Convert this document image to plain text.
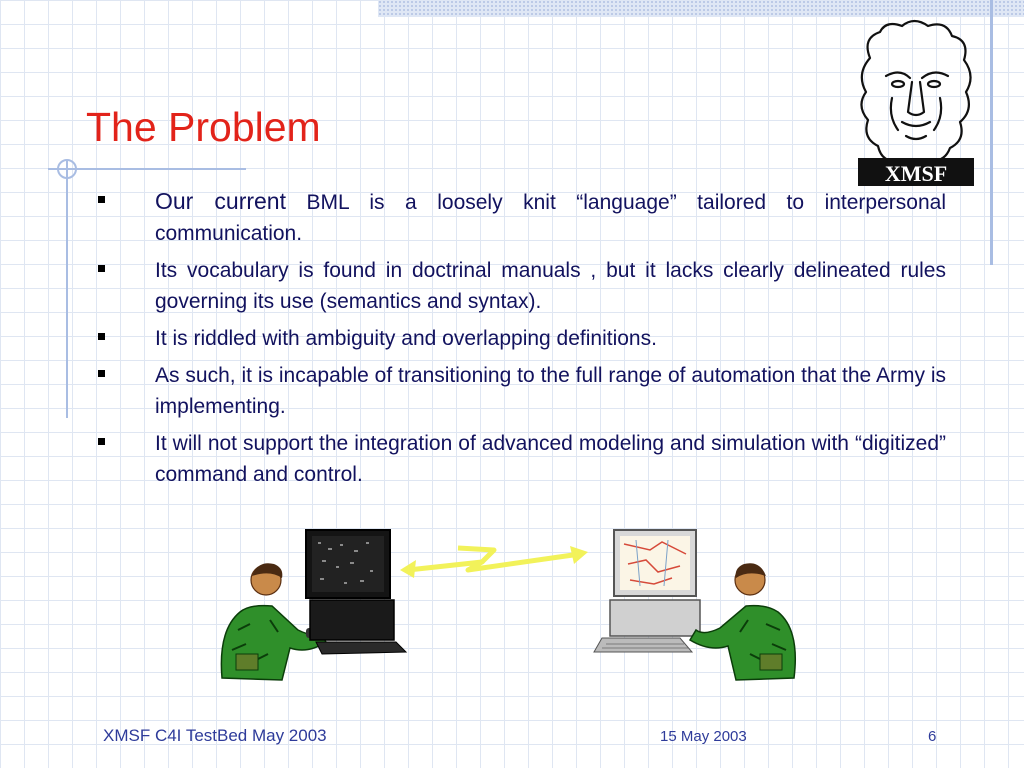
The Problem
XMSF
Our current BML is a loosely knit “language” tailored to interpersonal communication.
Its vocabulary is found in doctrinal manuals , but it lacks clearly delineated rules governing its use (semantics and syntax).
It is riddled with ambiguity and overlapping definitions.
As such, it is incapable of transitioning to the full range of automation that the Army is implementing.
It will not support the integration of advanced modeling and simulation with “digitized” command and control.
XMSF C4I TestBed May 2003	15 May 2003	6
